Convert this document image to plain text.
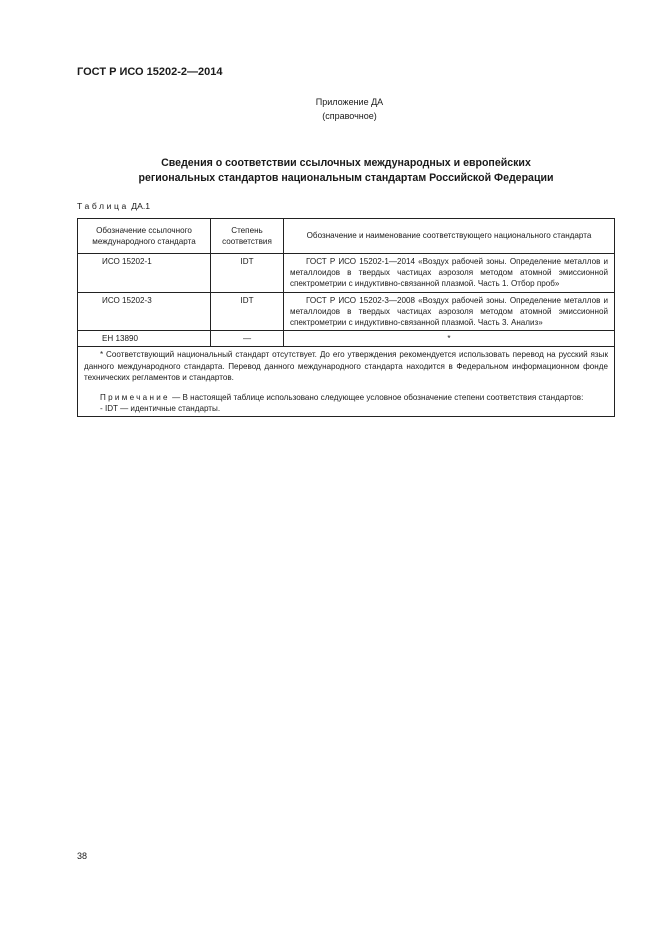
ГОСТ Р ИСО 15202-2—2014
Приложение ДА
(справочное)
Сведения о соответствии ссылочных международных и европейских
региональных стандартов национальным стандартам Российской Федерации
Таблица ДА.1
Обозначение ссылочного международного стандарта	Степень соответствия	Обозначение и наименование соответствующего национального стандарта
ИСО 15202-1	IDT	ГОСТ Р ИСО 15202-1—2014 «Воздух рабочей зоны. Определение металлов и металлоидов в твердых частицах аэрозоля методом атомной эмиссионной спектрометрии с индуктивно-связанной плазмой. Часть 1. Отбор проб»
ИСО 15202-3	IDT	ГОСТ Р ИСО 15202-3—2008 «Воздух рабочей зоны. Определение металлов и металлоидов в твердых частицах аэрозоля методом атомной эмиссионной спектрометрии с индуктивно-связанной плазмой. Часть 3. Анализ»
ЕН 13890	—	*

* Соответствующий национальный стандарт отсутствует. До его утверждения рекомендуется использовать перевод на русский язык данного международного стандарта. Перевод данного международного стандарта находится в Федеральном информационном фонде технических регламентов и стандартов.

Примечание — В настоящей таблице использовано следующее условное обозначение степени соответствия стандартов:

- IDT — идентичные стандарты.		

38
